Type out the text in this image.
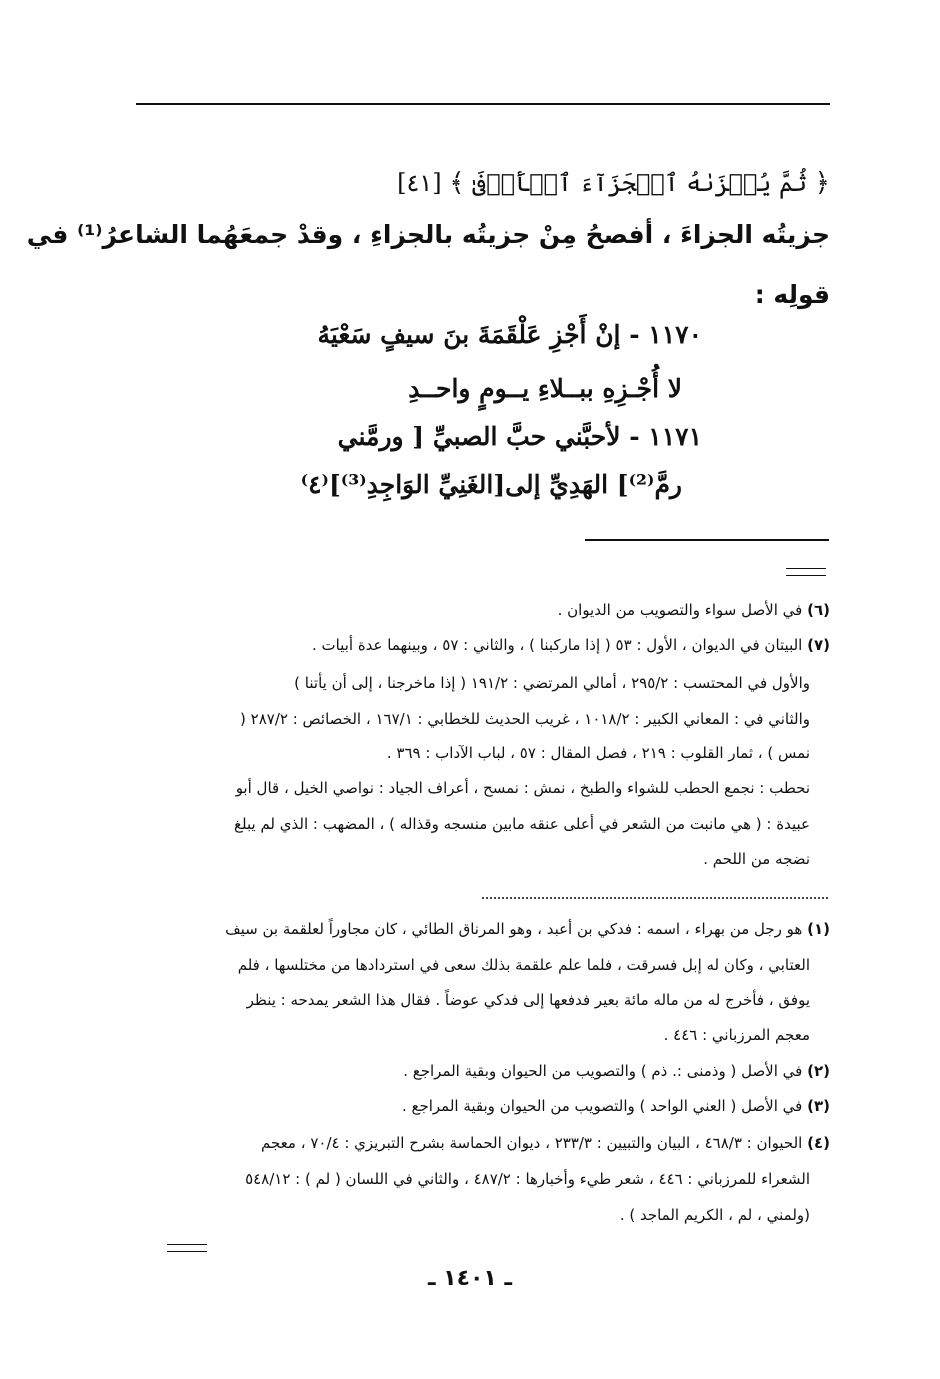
﴿ ثُمَّ يُجۡزَىٰهُ ٱلۡجَزَآءَ ٱلۡأَوۡفَىٰ ﴾ [٤١]
جزيتُه الجزاءَ ، أفصحُ مِنْ جزيتُه بالجزاءِ ، وقدْ جمعَهُما الشاعرُ⁽¹⁾ في
قولِه :
١١٧٠ - إنْ أَجْزِ عَلْقَمَةَ بنَ سيفٍ سَعْيَهُ
لا أُجْـزِهِ ببــلاءِ يــومٍ واحــدِ
١١٧١ - لأحبَّني حبَّ الصبيِّ [ ورمَّني
رمَّ⁽²⁾] الهَدِيِّ إلى[الغَنِيِّ الوَاجِدِ⁽³⁾]⁽٤⁾
(٦) في الأصل سواء والتصويب من الديوان .
(٧) البيتان في الديوان ، الأول : ٥٣ ( إذا ماركبنا ) ، والثاني : ٥٧ ، وبينهما عدة أبيات .
والأول في المحتسب : ٢٩٥/٢ ، أمالي المرتضي : ١٩١/٢ ( إذا ماخرجنا ، إلى أن يأتنا )
والثاني في : المعاني الكبير : ١٠١٨/٢ ، غريب الحديث للخطابي : ١٦٧/١ ، الخصائص : ٢٨٧/٢ (
نمس ) ، ثمار القلوب : ٢١٩ ، فصل المقال : ٥٧ ، لباب الآداب : ٣٦٩ .
نحطب : نجمع الحطب للشواء والطبخ ، نمش : نمسح ، أعراف الجياد : نواصي الخيل ، قال أبو
عبيدة : ( هي مانبت من الشعر في أعلى عنقه مابين منسجه وقذاله ) ، المضهب : الذي لم يبلغ
نضجه من اللحم .
(١) هو رجل من بهراء ، اسمه : فدكي بن أعبد ، وهو المرناق الطائي ، كان مجاوراً لعلقمة بن سيف
العتابي ، وكان له إبل فسرقت ، فلما علم علقمة بذلك سعى في استردادها من مختلسها ، فلم
يوفق ، فأخرج له من ماله مائة بعير فدفعها إلى فدكي عوضاً . فقال هذا الشعر يمدحه : ينظر
معجم المرزباني : ٤٤٦ .
(٢) في الأصل ( وذمنى :. ذم ) والتصويب من الحيوان وبقية المراجع .
(٣) في الأصل ( العني الواحد ) والتصويب من الحيوان وبقية المراجع .
(٤) الحيوان : ٤٦٨/٣ ، البيان والتبيين : ٢٣٣/٣ ، ديوان الحماسة بشرح التبريزي : ٧٠/٤ ، معجم
الشعراء للمرزباني : ٤٤٦ ، شعر طيء وأخبارها : ٤٨٧/٢ ، والثاني في اللسان ( لم ) : ٥٤٨/١٢
(ولمني ، لم ، الكريم الماجد ) .
ـ ١٤٠١ ـ
